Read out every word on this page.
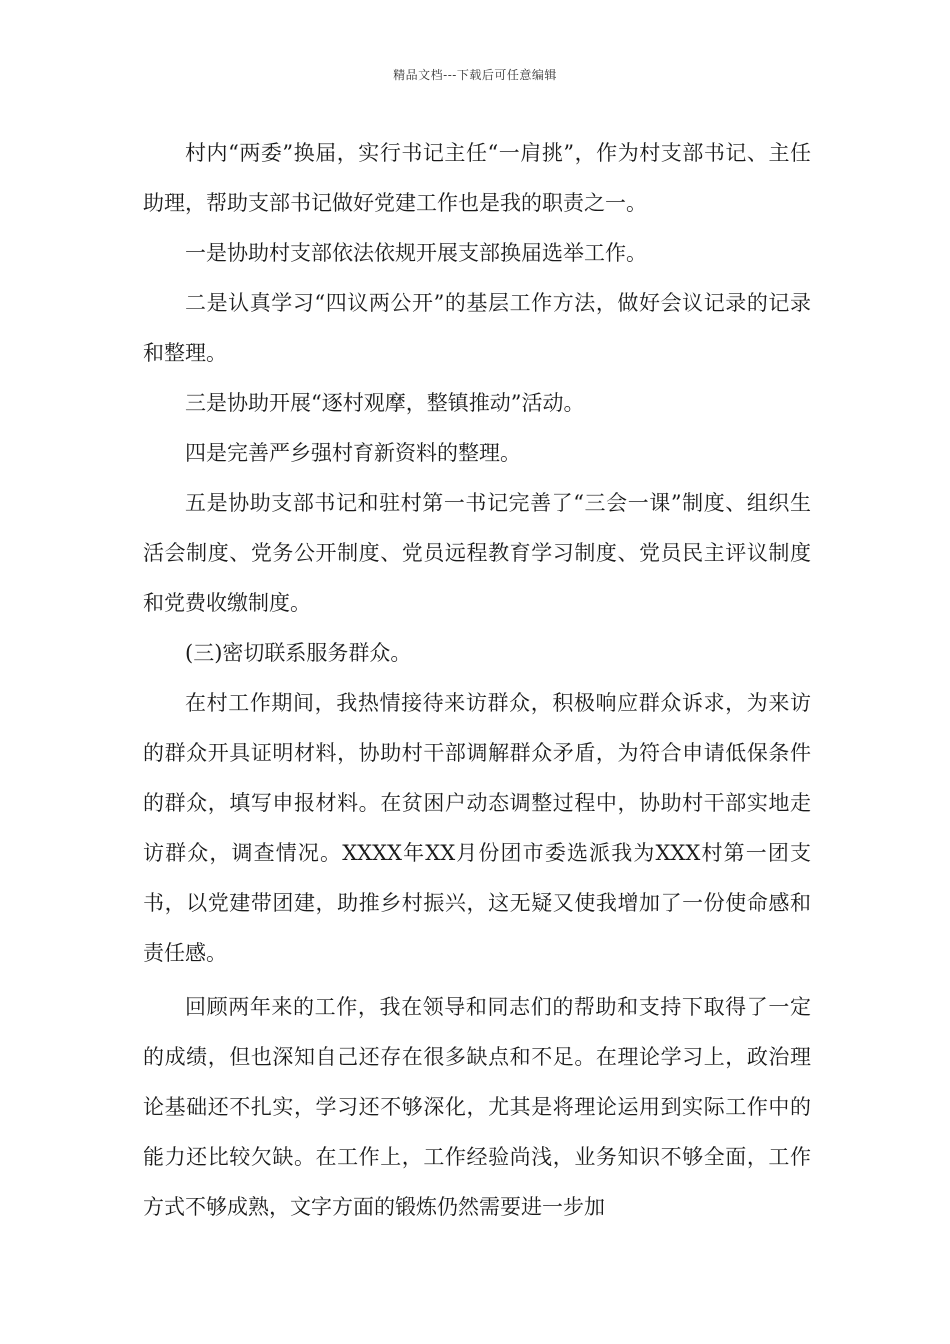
精品文档---下载后可任意编辑

村内“两委”换届，实行书记主任“一肩挑”，作为村支部书记、主任助理，帮助支部书记做好党建工作也是我的职责之一。

一是协助村支部依法依规开展支部换届选举工作。

二是认真学习“四议两公开”的基层工作方法，做好会议记录的记录和整理。

三是协助开展“逐村观摩，整镇推动”活动。

四是完善严乡强村育新资料的整理。

五是协助支部书记和驻村第一书记完善了“三会一课”制度、组织生活会制度、党务公开制度、党员远程教育学习制度、党员民主评议制度和党费收缴制度。

(三)密切联系服务群众。

在村工作期间，我热情接待来访群众，积极响应群众诉求，为来访的群众开具证明材料，协助村干部调解群众矛盾，为符合申请低保条件的群众，填写申报材料。在贫困户动态调整过程中，协助村干部实地走访群众，调查情况。XXXX年XX月份团市委选派我为XXX村第一团支书，以党建带团建，助推乡村振兴，这无疑又使我增加了一份使命感和责任感。

回顾两年来的工作，我在领导和同志们的帮助和支持下取得了一定的成绩，但也深知自己还存在很多缺点和不足。在理论学习上，政治理论基础还不扎实，学习还不够深化，尤其是将理论运用到实际工作中的能力还比较欠缺。在工作上，工作经验尚浅，业务知识不够全面，工作方式不够成熟，文字方面的锻炼仍然需要进一步加
